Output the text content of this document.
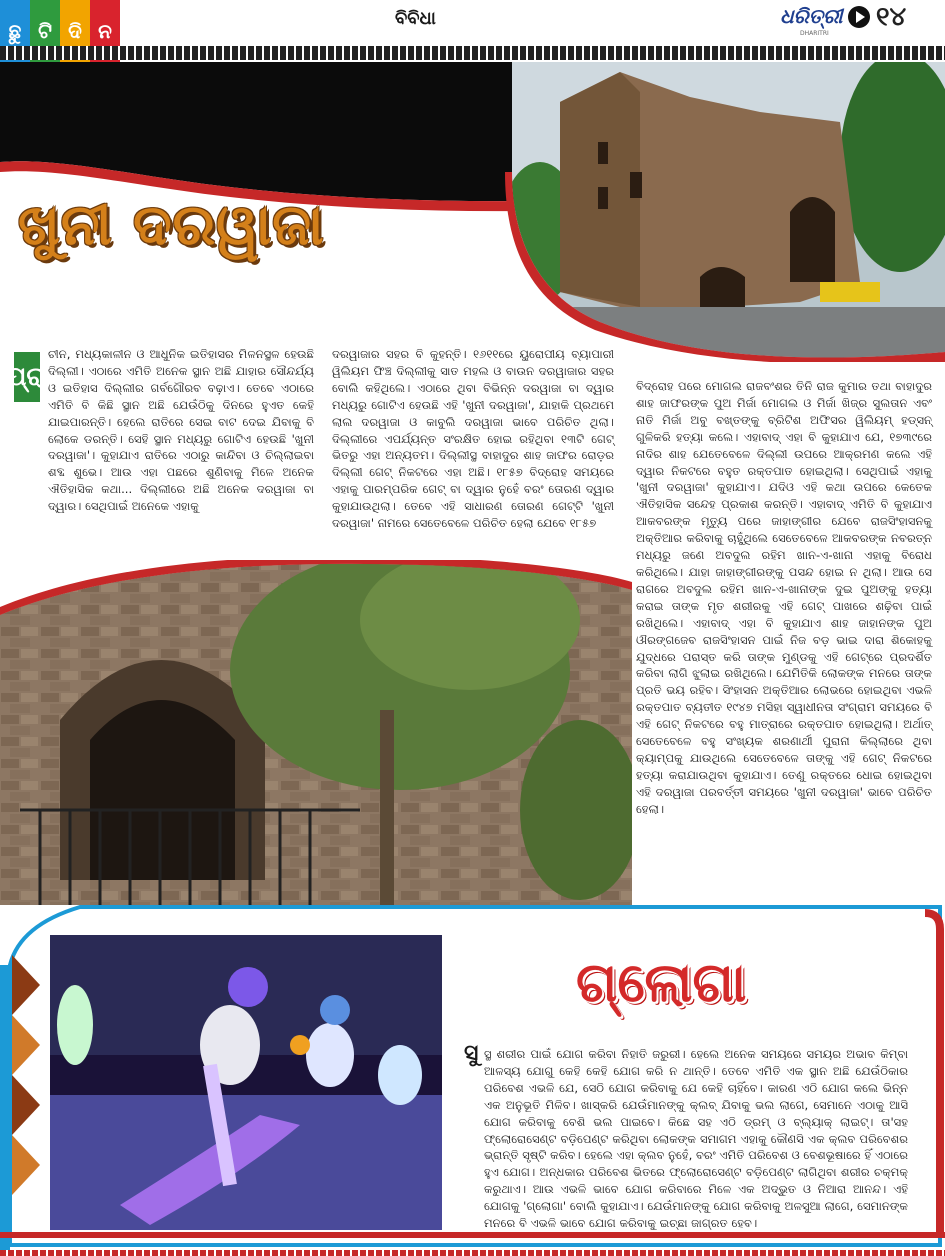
ଛୁ ଟି ଦି ନ
ବିବିଧା	ଧରିତ୍ରୀ
DHARITRI
୧୪
ଖୁନୀ ଦରୱାଜା
ପ୍ରା
ଚୀନ, ମଧ୍ୟକାଳୀନ ଓ ଆଧୁନିକ ଇତିହାସର ମିଳନସ୍ଥଳ ହେଉଛି ଦିଲ୍ଲୀ। ଏଠାରେ ଏମିତି ଅନେକ ସ୍ଥାନ ଅଛି ଯାହାର ସୌନ୍ଦର୍ଯ୍ୟ ଓ ଇତିହାସ ଦିଲ୍ଲୀର ଗର୍ବଗୌରବ ବଢ଼ାଏ। ତେବେ ଏଠାରେ ଏମିତି ବି କିଛି ସ୍ଥାନ ଅଛି ଯେଉଁଠିକୁ ଦିନରେ ହୁଏତ କେହି ଯାଇପାରନ୍ତି। ହେଲେ ରାତିରେ ସେଇ ବାଟ ଦେଇ ଯିବାକୁ ବି ଲୋକେ ଡରନ୍ତି। ସେହି ସ୍ଥାନ ମଧ୍ୟରୁ ଗୋଟିଏ ହେଉଛି 'ଖୁନୀ ଦରୱାଜା'। କୁହାଯାଏ ରାତିରେ ଏଠାରୁ କାନ୍ଦିବା ଓ ଚିଲ୍ଲାଇବା ଶବ୍ଦ ଶୁଭେ। ଆଉ ଏହା ପଛରେ ଶୁଣିବାକୁ ମିଳେ ଅନେକ ଐତିହାସିକ କଥା... ଦିଲ୍ଲୀରେ ଅଛି ଅନେକ ଦରୱାଜା ବା ଦ୍ୱାର। ସେଥିପାଇଁ ଅନେକେ ଏହାକୁ
ଦରୱାଜାର ସହର ବି କୁହନ୍ତି। ୧୬୧୧ରେ ୟୁରୋପୀୟ ବ୍ୟାପାରୀ ୱିଲିୟମ ଫିଞ୍ଚ ଦିଲ୍ଲୀକୁ ସାତ ମହଲ ଓ ବାଉନ ଦରୱାଜାର ସହର ବୋଲି କହିଥିଲେ। ଏଠାରେ ଥିବା ବିଭିନ୍ନ ଦରୱାଜା ବା ଦ୍ୱାର ମଧ୍ୟରୁ ଗୋଟିଏ ହେଉଛି ଏହି 'ଖୁନୀ ଦରୱାଜା', ଯାହାକି ପ୍ରଥମେ ଲାଲ ଦରୱାଜା ଓ କାବୁଲି ଦରୱାଜା ଭାବେ ପରିଚିତ ଥିଲା। ଦିଲ୍ଲୀରେ ଏପର୍ଯ୍ୟନ୍ତ ସଂରକ୍ଷିତ ହୋଇ ରହିଥିବା ୧୩ଟି ଗେଟ୍ ଭିତରୁ ଏହା ଅନ୍ୟତମ। ଦିଲ୍ଲୀସ୍ଥ ବାହାଦୁର ଶାହ ଜାଫର ରୋଡ଼ର ଦିଲ୍ଲୀ ଗେଟ୍ ନିକଟରେ ଏହା ଅଛି। ୧୮୫୭ ବିଦ୍ରୋହ ସମୟରେ ଏହାକୁ ପାରମ୍ପରିକ ଗେଟ୍ ବା ଦ୍ୱାର ନୁହେଁ ବରଂ ତୋରଣ ଦ୍ୱାର କୁହାଯାଉଥିଲା। ତେବେ ଏହି ସାଧାରଣ ତୋରଣ ଗେଟ୍‌ଟି 'ଖୁନୀ ଦରୱାଜା' ନାମରେ ସେତେବେଳେ ପରିଚିତ ହେଲା ଯେବେ ୧୮୫୭
ବିଦ୍ରୋହ ପରେ ମୋଗଲ ରାଜବଂଶର ତିନି ରାଜ କୁମାର ତଥା ବାହାଦୁର ଶାହ ଜାଫରଙ୍କ ପୁଅ ମିର୍ଜା ମୋଗଲ ଓ ମିର୍ଜା ଖିଜ୍ର ସୁଲତାନ ଏବଂ ନାତି ମିର୍ଜା ଅବୁ ବଖ୍ତଙ୍କୁ ବ୍ରିଟିଶ ଅଫିସର ୱିଲିୟମ୍ ହଡ୍‌ସନ୍ ଗୁଳିକରି ହତ୍ୟା କଲେ। ଏହାବାଦ୍ ଏହା ବି କୁହାଯାଏ ଯେ, ୧୭୩୯ରେ ନାଦିର ଶାହ ଯେତେବେଳେ ଦିଲ୍ଲୀ ଉପରେ ଆକ୍ରମଣ କଲେ ଏହି ଦ୍ୱାର ନିକଟରେ ବହୁତ ରକ୍ତପାତ ହୋଇଥିଲା। ସେଥିପାଇଁ ଏହାକୁ 'ଖୁନୀ ଦରୱାଜା' କୁହାଯାଏ। ଯଦିଓ ଏହି କଥା ଉପରେ କେତେକ ଐତିହାସିକ ସନ୍ଦେହ ପ୍ରକାଶ କରନ୍ତି। ଏହାବାଦ୍ ଏମିତି ବି କୁହାଯାଏ ଆକବରଙ୍କ ମୃତ୍ୟୁ ପରେ ଜାହାଙ୍ଗୀର ଯେବେ ରାଜସିଂହାସନକୁ ଅକ୍ତିଆର କରିବାକୁ ଚାହୁଁଥିଲେ ସେତେବେଳେ ଆକବରଙ୍କ ନବରତ୍ନ ମଧ୍ୟରୁ ଜଣେ ଅବଦୁଲ ରହିମ ଖାନ-ଏ-ଖାନା ଏହାକୁ ବିରୋଧ କରିଥିଲେ। ଯାହା ଜାହାଙ୍ଗୀରଙ୍କୁ ପସନ୍ଦ ହୋଇ ନ ଥିଲା। ଆଉ ସେ ରାଗରେ ଅବଦୁଲ ରହିମ ଖାନ-ଏ-ଖାନାଙ୍କ ଦୁଇ ପୁଅଙ୍କୁ ହତ୍ୟା କରାଇ ତାଙ୍କ ମୃତ ଶରୀରକୁ ଏହି ଗେଟ୍ ପାଖରେ ଶଢ଼ିବା ପାଇଁ ରଖିଥିଲେ। ଏହାବାଦ୍ ଏହା ବି କୁହାଯାଏ ଶାହ ଜାହାନଙ୍କ ପୁଅ ଔରଙ୍ଗଜେବ ରାଜସିଂହାସନ ପାଇଁ ନିଜ ବଡ଼ ଭାଇ ଦାରା ଶିକୋହକୁ ଯୁଦ୍ଧରେ ପରାସ୍ତ କରି ତାଙ୍କ ମୁଣ୍ଡକୁ ଏହି ଗେଟ୍‌ରେ ପ୍ରଦର୍ଶିତ କରିବା ଲାଗି ଝୁଲାଇ ରଖିଥିଲେ। ଯେମିତିକି ଲୋକଙ୍କ ମନରେ ତାଙ୍କ ପ୍ରତି ଭୟ ରହିବ। ସିଂହାସନ ଅକ୍ତିଆର ଲୋଭରେ ହୋଇଥିବା ଏଭଳି ରକ୍ତପାତ ବ୍ୟତୀତ ୧୯୪୭ ମସିହା ସ୍ୱାଧୀନତା ସଂଗ୍ରାମ ସମୟରେ ବି ଏହି ଗେଟ୍ ନିକଟରେ ବହୁ ମାତ୍ରାରେ ରକ୍ତପାତ ହୋଇଥିଲା। ଅର୍ଥାତ୍ ସେତେବେଳେ ବହୁ ସଂଖ୍ୟକ ଶରଣାର୍ଥୀ ପୁରାନା କିଲ୍ଲାରେ ଥିବା କ୍ୟାମ୍ପକୁ ଯାଉଥିଲେ ସେତେବେଳେ ତାଙ୍କୁ ଏହି ଗେଟ୍ ନିକଟରେ ହତ୍ୟା କରାଯାଉଥିବା କୁହାଯାଏ। ତେଣୁ ରକ୍ତରେ ଧୋଇ ହୋଇଥିବା ଏହି ଦରୱାଜା ପରବର୍ତ୍ତୀ ସମୟରେ 'ଖୁନୀ ଦରୱାଜା' ଭାବେ ପରିଚିତ ହେଲା।
ଗ୍ଲୋଗା
ସୁ ସ୍ଥ ଶରୀର ପାଇଁ ଯୋଗ କରିବା ନିହାତି ଜରୁରୀ। ହେଲେ ଅନେକ ସମୟରେ ସମୟର ଅଭାବ କିମ୍ବା ଆଳସ୍ୟ ଯୋଗୁ କେହି କେହି ଯୋଗ କରି ନ ଥାନ୍ତି। ତେବେ ଏମିତି ଏକ ସ୍ଥାନ ଅଛି ଯେଉଁଠିକାର ପରିବେଶ ଏଭଳି ଯେ, ସେଠି ଯୋଗ କରିବାକୁ ଯେ କେହି ଚାହିଁବେ। କାରଣ ଏଠି ଯୋଗ କଲେ ଭିନ୍ନ ଏକ ଅନୁଭୂତି ମିଳିବ। ଖାସ୍‌କରି ଯେଉଁମାନଙ୍କୁ କ୍ଲବ୍ ଯିବାକୁ ଭଲ ଲାଗେ, ସେମାନେ ଏଠାକୁ ଆସି ଯୋଗ କରିବାକୁ ବେଶି ଭଲ ପାଇବେ। କିଛେ ସହ ଏଠି ଡ୍ରମ୍ ଓ ବ୍ଲ୍ୟାକ୍ ଲାଇଟ୍। ତା'ସହ ଫ୍ଲୋରୋସେଣ୍ଟ ବଡ଼ିପେଣ୍ଟ କରିଥିବା ଲୋକଙ୍କ ସମାଗମ ଏହାକୁ କୌଣସି ଏକ କ୍ଲବ ପରିବେଶର ଭ୍ରାନ୍ତି ସୃଷ୍ଟି କରିବ। ହେଲେ ଏହା କ୍ଲବ ନୁହେଁ, ବରଂ ଏମିତି ପରିବେଶ ଓ ବେଶଭୂଷାରେ ହିଁ ଏଠାରେ ହୁଏ ଯୋଗ। ଅନ୍ଧକାର ପରିବେଶ ଭିତରେ ଫ୍ଲୋରୋସେଣ୍ଟ ବଡ଼ିପେଣ୍ଟ ଲାଗିଥିବା ଶରୀର ଚକ୍‌ମକ୍ କରୁଥାଏ। ଆଉ ଏଭଳି ଭାବେ ଯୋଗ କରିବାରେ ମିଳେ ଏକ ଅଦ୍ଭୁତ ଓ ନିଆରା ଆନନ୍ଦ। ଏହି ଯୋଗକୁ 'ଗ୍ଲୋଗା' ବୋଲି କୁହାଯାଏ। ଯେଉଁମାନଙ୍କୁ ଯୋଗ କରିବାକୁ ଅଳସୁଆ ଲାଗେ, ସେମାନଙ୍କ ମନରେ ବି ଏଭଳି ଭାବେ ଯୋଗ କରିବାକୁ ଇଚ୍ଛା ଜାଗ୍ରତ ହେବ।
